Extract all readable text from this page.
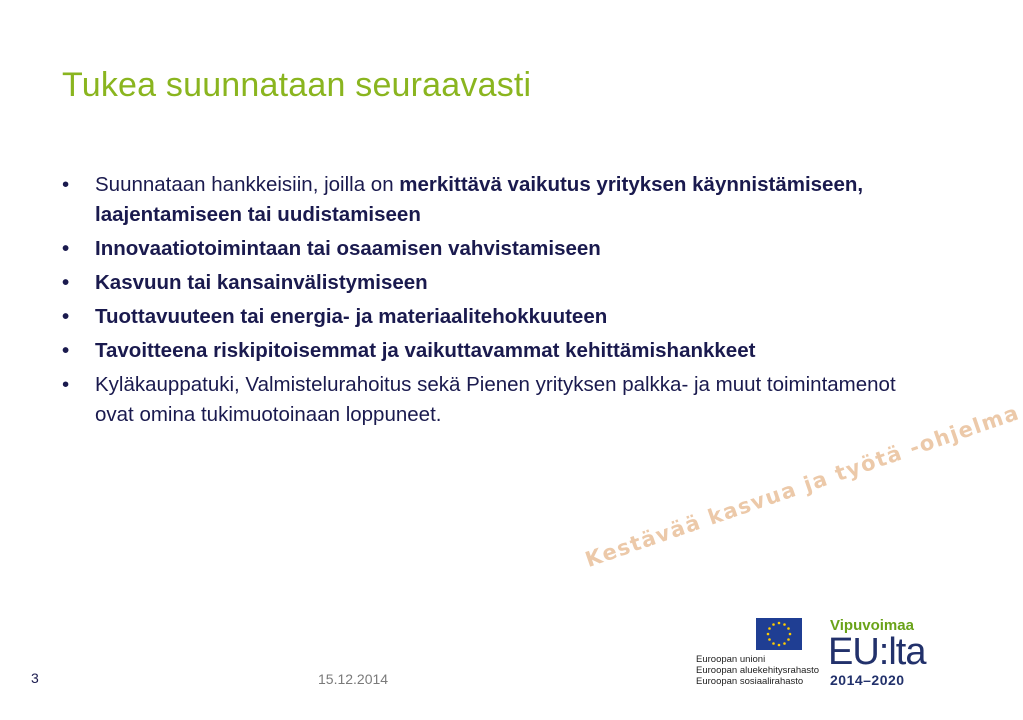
Tukea suunnataan seuraavasti
• Suunnataan hankkeisiin, joilla on merkittävä vaikutus yrityksen käynnistämiseen, laajentamiseen tai uudistamiseen
• Innovaatiotoimintaan tai osaamisen vahvistamiseen
• Kasvuun tai kansainvälistymiseen
• Tuottavuuteen tai energia- ja materiaalitehokkuuteen
• Tavoitteena riskipitoisemmat ja vaikuttavammat kehittämishankkeet
• Kyläkauppatuki, Valmistelurahoitus sekä Pienen yrityksen palkka- ja muut toimintamenot ovat omina tukimuotoinaan loppuneet.
3	15.12.2014
Kestävää kasvua ja työtä -ohjelma
Euroopan unioni
Euroopan aluekehitysrahasto
Euroopan sosiaalirahasto
Vipuvoimaa
EU:lta
2014–2020
